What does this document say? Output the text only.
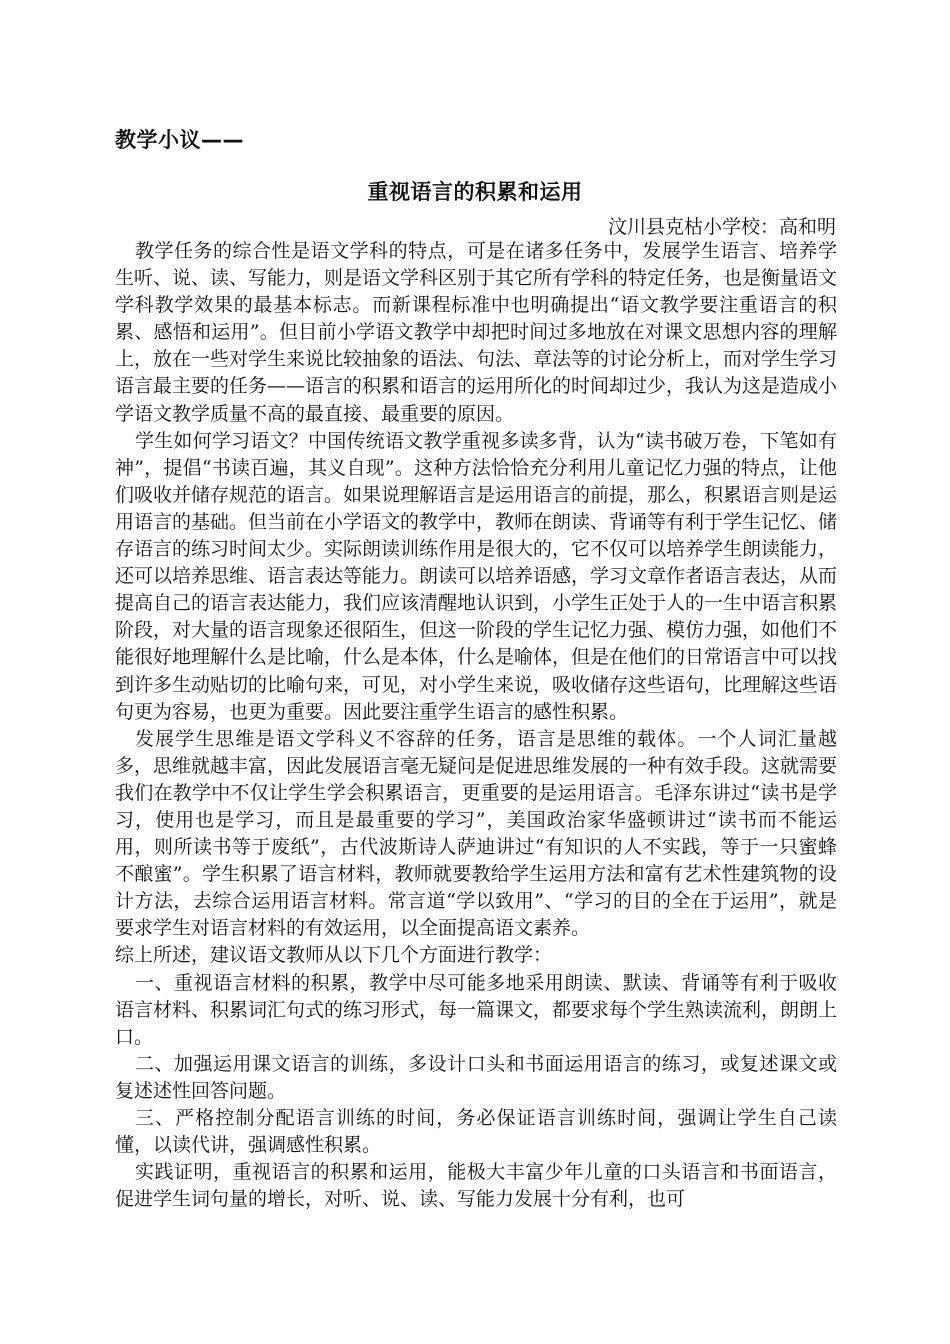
教学小议——
重视语言的积累和运用
汶川县克枯小学校：高和明

教学任务的综合性是语文学科的特点，可是在诸多任务中，发展学生语言、培养学生听、说、读、写能力，则是语文学科区别于其它所有学科的特定任务，也是衡量语文学科教学效果的最基本标志。而新课程标准中也明确提出“语文教学要注重语言的积累、感悟和运用”。但目前小学语文教学中却把时间过多地放在对课文思想内容的理解上，放在一些对学生来说比较抽象的语法、句法、章法等的讨论分析上，而对学生学习语言最主要的任务——语言的积累和语言的运用所化的时间却过少，我认为这是造成小学语文教学质量不高的最直接、最重要的原因。

学生如何学习语文？中国传统语文教学重视多读多背，认为“读书破万卷，下笔如有神”，提倡“书读百遍，其义自现”。这种方法恰恰充分利用儿童记忆力强的特点，让他们吸收并储存规范的语言。如果说理解语言是运用语言的前提，那么，积累语言则是运用语言的基础。但当前在小学语文的教学中，教师在朗读、背诵等有利于学生记忆、储存语言的练习时间太少。实际朗读训练作用是很大的，它不仅可以培养学生朗读能力，还可以培养思维、语言表达等能力。朗读可以培养语感，学习文章作者语言表达，从而提高自己的语言表达能力，我们应该清醒地认识到，小学生正处于人的一生中语言积累阶段，对大量的语言现象还很陌生，但这一阶段的学生记忆力强、模仿力强，如他们不能很好地理解什么是比喻，什么是本体，什么是喻体，但是在他们的日常语言中可以找到许多生动贴切的比喻句来，可见，对小学生来说，吸收储存这些语句，比理解这些语句更为容易，也更为重要。因此要注重学生语言的感性积累。

发展学生思维是语文学科义不容辞的任务，语言是思维的载体。一个人词汇量越多，思维就越丰富，因此发展语言毫无疑问是促进思维发展的一种有效手段。这就需要我们在教学中不仅让学生学会积累语言，更重要的是运用语言。毛泽东讲过“读书是学习，使用也是学习，而且是最重要的学习”，美国政治家华盛顿讲过“读书而不能运用，则所读书等于废纸”，古代波斯诗人萨迪讲过“有知识的人不实践，等于一只蜜蜂不酿蜜”。学生积累了语言材料，教师就要教给学生运用方法和富有艺术性建筑物的设计方法，去综合运用语言材料。常言道“学以致用”、“学习的目的全在于运用”，就是要求学生对语言材料的有效运用，以全面提高语文素养。

综上所述，建议语文教师从以下几个方面进行教学：

一、重视语言材料的积累，教学中尽可能多地采用朗读、默读、背诵等有利于吸收语言材料、积累词汇句式的练习形式，每一篇课文，都要求每个学生熟读流利，朗朗上口。

二、加强运用课文语言的训练，多设计口头和书面运用语言的练习，或复述课文或复述述性回答问题。

三、严格控制分配语言训练的时间，务必保证语言训练时间，强调让学生自己读懂，以读代讲，强调感性积累。

实践证明，重视语言的积累和运用，能极大丰富少年儿童的口头语言和书面语言，促进学生词句量的增长，对听、说、读、写能力发展十分有利，也可
